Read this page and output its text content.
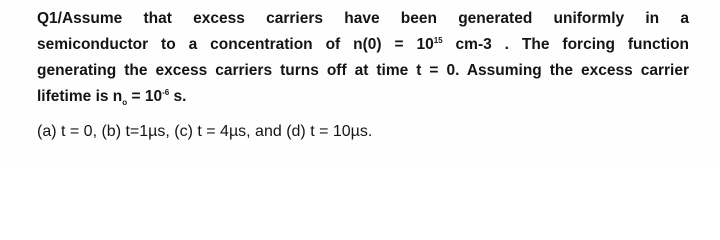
Q1/Assume that excess carriers have been generated uniformly in a
semiconductor to a concentration of $n(0) = 10^{15}$ cm-3 . The forcing function
generating the excess carriers turns off at time t = 0. Assuming the excess carrier
lifetime is $n_o = 10^{-6}$ s.
(a) t = 0, (b) t=1µs, (c) t = 4µs, and (d) t = 10µs.
